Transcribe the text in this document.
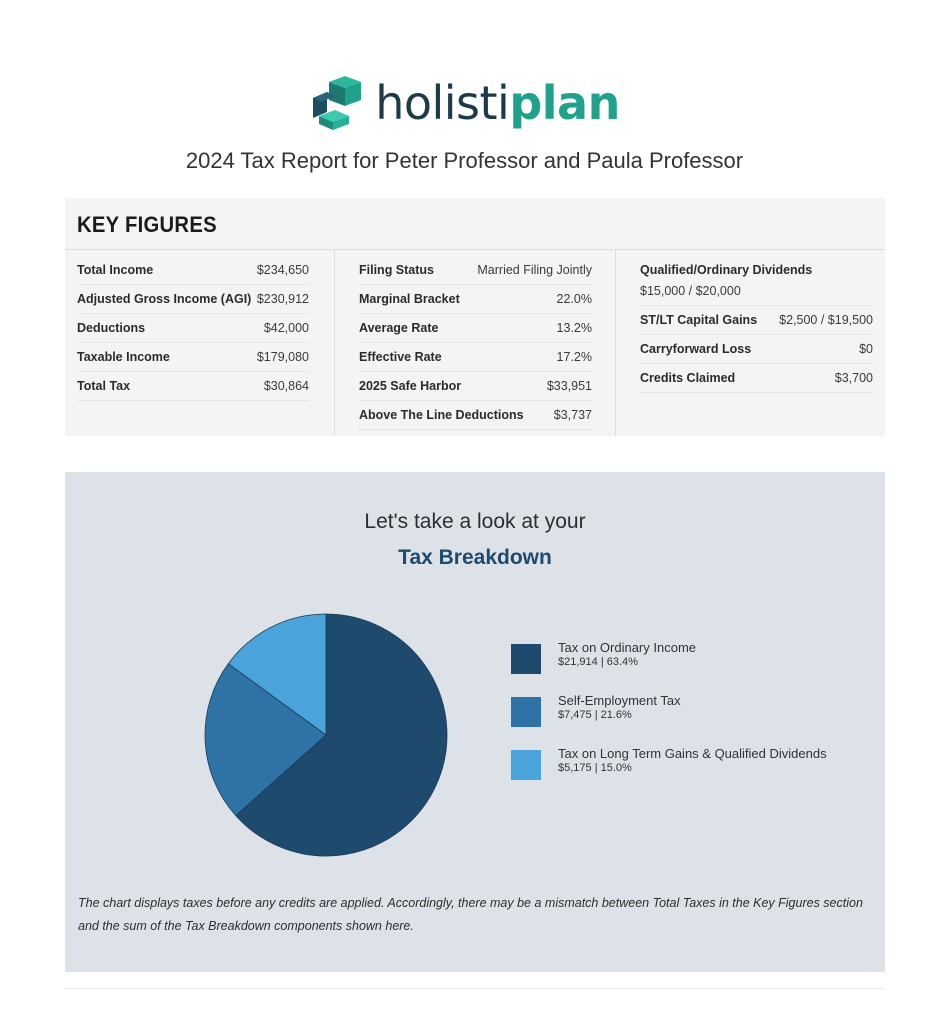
holistiplan
2024 Tax Report for Peter Professor and Paula Professor
KEY FIGURES
Total Income	$234,650
Adjusted Gross Income (AGI) $230,912
Deductions	$42,000
Taxable Income	$179,080
Total Tax	$30,864
Filing Status	Married Filing Jointly
Marginal Bracket	22.0%
Average Rate	13.2%
Effective Rate	17.2%
2025 Safe Harbor	$33,951
Above The Line Deductions $3,737
Qualified/Ordinary Dividends
$15,000 / $20,000
ST/LT Capital Gains $2,500 / $19,500
Carryforward Loss	$0
Credits Claimed	$3,700
Let's take a look at your
Tax Breakdown
Tax on Ordinary Income
$21,914 | 63.4%
Self-Employment Tax
$7,475 | 21.6%
Tax on Long Term Gains & Qualified Dividends
$5,175 | 15.0%
The chart displays taxes before any credits are applied. Accordingly, there may be a mismatch between Total Taxes in the Key Figures section and the sum of the Tax Breakdown components shown here.
